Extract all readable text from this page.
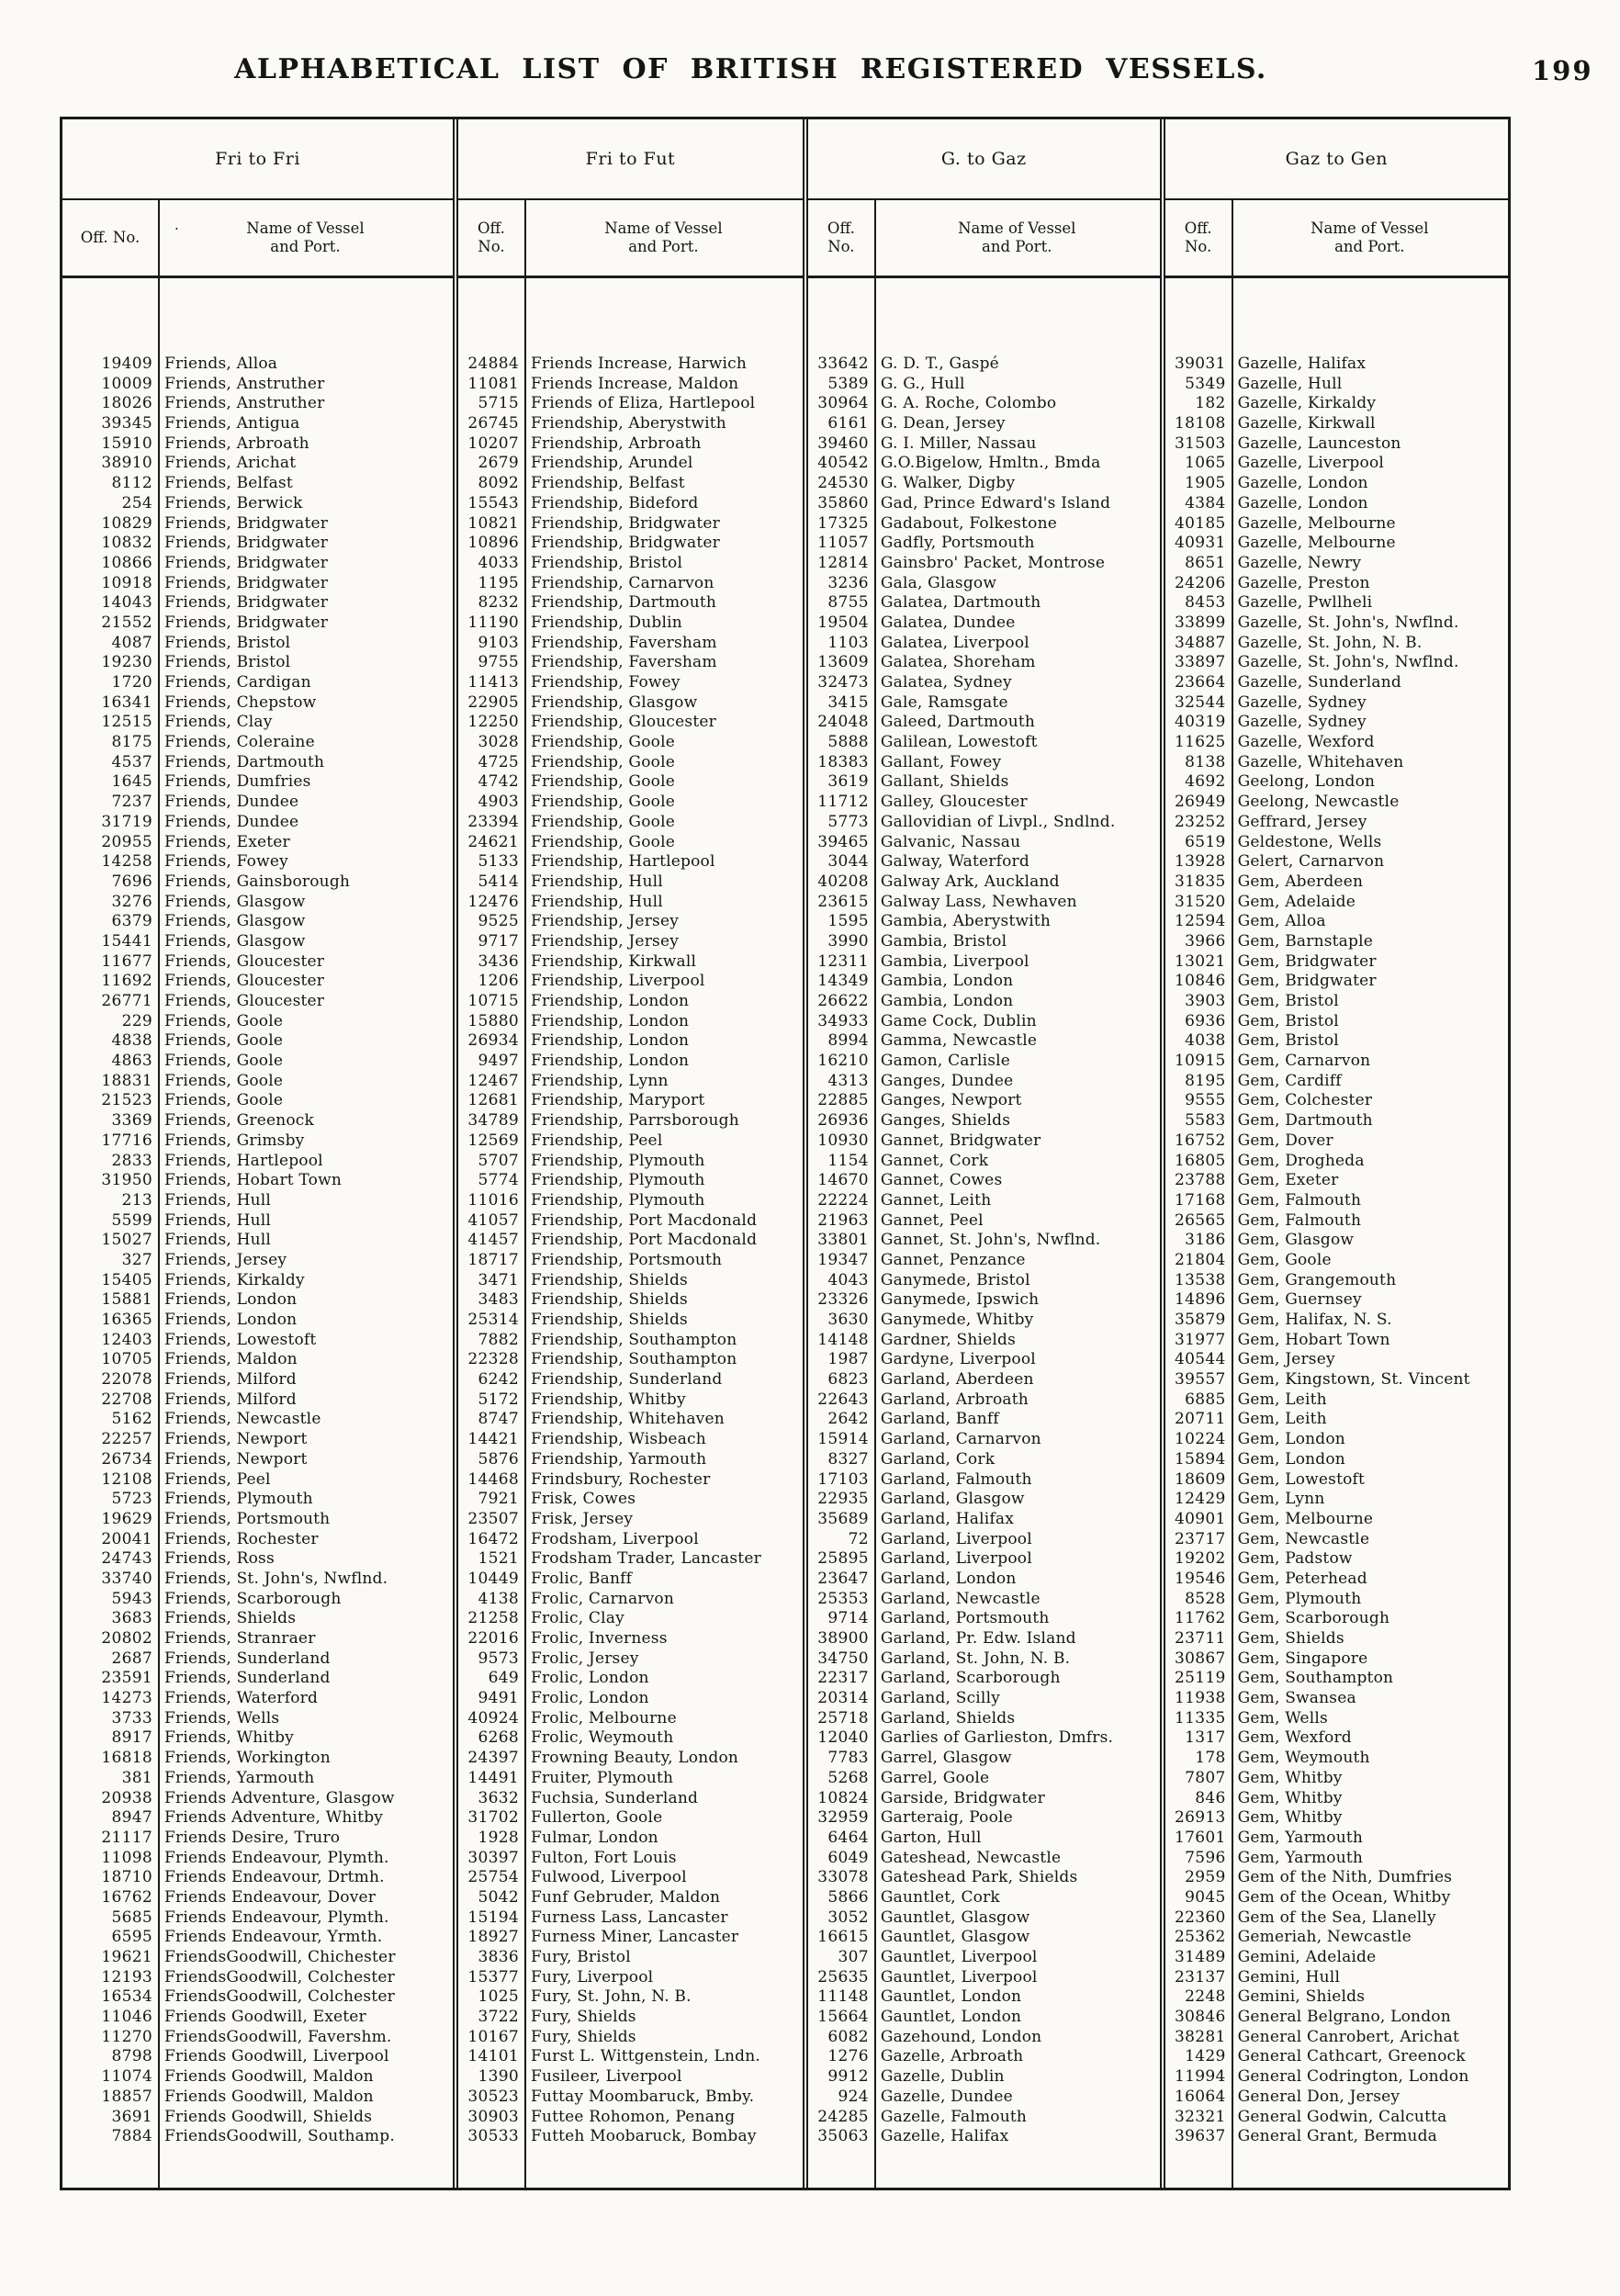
ALPHABETICAL LIST OF BRITISH REGISTERED VESSELS.	199
Fri to Fri
Off. No.	·	Name of Vessel and Port.
19409 Friends, Alloa
10009 Friends, Anstruther
18026 Friends, Anstruther
39345 Friends, Antigua
15910 Friends, Arbroath
38910 Friends, Arichat
8112 Friends, Belfast
254 Friends, Berwick
10829 Friends, Bridgwater
10832 Friends, Bridgwater
10866 Friends, Bridgwater
10918 Friends, Bridgwater
14043 Friends, Bridgwater
21552 Friends, Bridgwater
4087 Friends, Bristol
19230 Friends, Bristol
1720 Friends, Cardigan
16341 Friends, Chepstow
12515 Friends, Clay
8175 Friends, Coleraine
4537 Friends, Dartmouth
1645 Friends, Dumfries
7237 Friends, Dundee
31719 Friends, Dundee
20955 Friends, Exeter
14258 Friends, Fowey
7696 Friends, Gainsborough
3276 Friends, Glasgow
6379 Friends, Glasgow
15441 Friends, Glasgow
11677 Friends, Gloucester
11692 Friends, Gloucester
26771 Friends, Gloucester
229 Friends, Goole
4838 Friends, Goole
4863 Friends, Goole
18831 Friends, Goole
21523 Friends, Goole
3369 Friends, Greenock
17716 Friends, Grimsby
2833 Friends, Hartlepool
31950 Friends, Hobart Town
213 Friends, Hull
5599 Friends, Hull
15027 Friends, Hull
327 Friends, Jersey
15405 Friends, Kirkaldy
15881 Friends, London
16365 Friends, London
12403 Friends, Lowestoft
10705 Friends, Maldon
22078 Friends, Milford
22708 Friends, Milford
5162 Friends, Newcastle
22257 Friends, Newport
26734 Friends, Newport
12108 Friends, Peel
5723 Friends, Plymouth
19629 Friends, Portsmouth
20041 Friends, Rochester
24743 Friends, Ross
33740 Friends, St. John's, Nwflnd.
5943 Friends, Scarborough
3683 Friends, Shields
20802 Friends, Stranraer
2687 Friends, Sunderland
23591 Friends, Sunderland
14273 Friends, Waterford
3733 Friends, Wells
8917 Friends, Whitby
16818 Friends, Workington
381 Friends, Yarmouth
20938 Friends Adventure, Glasgow
8947 Friends Adventure, Whitby
21117 Friends Desire, Truro
11098 Friends Endeavour, Plymth.
18710 Friends Endeavour, Drtmh.
16762 Friends Endeavour, Dover
5685 Friends Endeavour, Plymth.
6595 Friends Endeavour, Yrmth.
19621 FriendsGoodwill, Chichester
12193 FriendsGoodwill, Colchester
16534 FriendsGoodwill, Colchester
11046 Friends Goodwill, Exeter
11270 FriendsGoodwill, Favershm.
8798 Friends Goodwill, Liverpool
11074 Friends Goodwill, Maldon
18857 Friends Goodwill, Maldon
3691 Friends Goodwill, Shields
7884 FriendsGoodwill, Southamp.
Fri to Fut
Off. No.
Name of Vessel and Port.
24884 Friends Increase, Harwich
11081 Friends Increase, Maldon
5715 Friends of Eliza, Hartlepool
26745 Friendship, Aberystwith
10207 Friendship, Arbroath
2679 Friendship, Arundel
8092 Friendship, Belfast
15543 Friendship, Bideford
10821 Friendship, Bridgwater
10896 Friendship, Bridgwater
4033 Friendship, Bristol
1195 Friendship, Carnarvon
8232 Friendship, Dartmouth
11190 Friendship, Dublin
9103 Friendship, Faversham
9755 Friendship, Faversham
11413 Friendship, Fowey
22905 Friendship, Glasgow
12250 Friendship, Gloucester
3028 Friendship, Goole
4725 Friendship, Goole
4742 Friendship, Goole
4903 Friendship, Goole
23394 Friendship, Goole
24621 Friendship, Goole
5133 Friendship, Hartlepool
5414 Friendship, Hull
12476 Friendship, Hull
9525 Friendship, Jersey
9717 Friendship, Jersey
3436 Friendship, Kirkwall
1206 Friendship, Liverpool
10715 Friendship, London
15880 Friendship, London
26934 Friendship, London
9497 Friendship, London
12467 Friendship, Lynn
12681 Friendship, Maryport
34789 Friendship, Parrsborough
12569 Friendship, Peel
5707 Friendship, Plymouth
5774 Friendship, Plymouth
11016 Friendship, Plymouth
41057 Friendship, Port Macdonald
41457 Friendship, Port Macdonald
18717 Friendship, Portsmouth
3471 Friendship, Shields
3483 Friendship, Shields
25314 Friendship, Shields
7882 Friendship, Southampton
22328 Friendship, Southampton
6242 Friendship, Sunderland
5172 Friendship, Whitby
8747 Friendship, Whitehaven
14421 Friendship, Wisbeach
5876 Friendship, Yarmouth
14468 Frindsbury, Rochester
7921 Frisk, Cowes
23507 Frisk, Jersey
16472 Frodsham, Liverpool
1521 Frodsham Trader, Lancaster
10449 Frolic, Banff
4138 Frolic, Carnarvon
21258 Frolic, Clay
22016 Frolic, Inverness
9573 Frolic, Jersey
649 Frolic, London
9491 Frolic, London
40924 Frolic, Melbourne
6268 Frolic, Weymouth
24397 Frowning Beauty, London
14491 Fruiter, Plymouth
3632 Fuchsia, Sunderland
31702 Fullerton, Goole
1928 Fulmar, London
30397 Fulton, Fort Louis
25754 Fulwood, Liverpool
5042 Funf Gebruder, Maldon
15194 Furness Lass, Lancaster
18927 Furness Miner, Lancaster
3836 Fury, Bristol
15377 Fury, Liverpool
1025 Fury, St. John, N. B.
3722 Fury, Shields
10167 Fury, Shields
14101 Furst L. Wittgenstein, Lndn.
1390 Fusileer, Liverpool
30523 Futtay Moombaruck, Bmby.
30903 Futtee Rohomon, Penang
30533 Futteh Moobaruck, Bombay
G. to Gaz
Off. No.
Name of Vessel and Port.
33642 G. D. T., Gaspé
5389 G. G., Hull
30964 G. A. Roche, Colombo
6161 G. Dean, Jersey
39460 G. I. Miller, Nassau
40542 G.O.Bigelow, Hmltn., Bmda
24530 G. Walker, Digby
35860 Gad, Prince Edward's Island
17325 Gadabout, Folkestone
11057 Gadfly, Portsmouth
12814 Gainsbro' Packet, Montrose
3236 Gala, Glasgow
8755 Galatea, Dartmouth
19504 Galatea, Dundee
1103 Galatea, Liverpool
13609 Galatea, Shoreham
32473 Galatea, Sydney
3415 Gale, Ramsgate
24048 Galeed, Dartmouth
5888 Galilean, Lowestoft
18383 Gallant, Fowey
3619 Gallant, Shields
11712 Galley, Gloucester
5773 Gallovidian of Livpl., Sndlnd.
39465 Galvanic, Nassau
3044 Galway, Waterford
40208 Galway Ark, Auckland
23615 Galway Lass, Newhaven
1595 Gambia, Aberystwith
3990 Gambia, Bristol
12311 Gambia, Liverpool
14349 Gambia, London
26622 Gambia, London
34933 Game Cock, Dublin
8994 Gamma, Newcastle
16210 Gamon, Carlisle
4313 Ganges, Dundee
22885 Ganges, Newport
26936 Ganges, Shields
10930 Gannet, Bridgwater
1154 Gannet, Cork
14670 Gannet, Cowes
22224 Gannet, Leith
21963 Gannet, Peel
33801 Gannet, St. John's, Nwflnd.
19347 Gannet, Penzance
4043 Ganymede, Bristol
23326 Ganymede, Ipswich
3630 Ganymede, Whitby
14148 Gardner, Shields
1987 Gardyne, Liverpool
6823 Garland, Aberdeen
22643 Garland, Arbroath
2642 Garland, Banff
15914 Garland, Carnarvon
8327 Garland, Cork
17103 Garland, Falmouth
22935 Garland, Glasgow
35689 Garland, Halifax
72 Garland, Liverpool
25895 Garland, Liverpool
23647 Garland, London
25353 Garland, Newcastle
9714 Garland, Portsmouth
38900 Garland, Pr. Edw. Island
34750 Garland, St. John, N. B.
22317 Garland, Scarborough
20314 Garland, Scilly
25718 Garland, Shields
12040 Garlies of Garlieston, Dmfrs.
7783 Garrel, Glasgow
5268 Garrel, Goole
10824 Garside, Bridgwater
32959 Garteraig, Poole
6464 Garton, Hull
6049 Gateshead, Newcastle
33078 Gateshead Park, Shields
5866 Gauntlet, Cork
3052 Gauntlet, Glasgow
16615 Gauntlet, Glasgow
307 Gauntlet, Liverpool
25635 Gauntlet, Liverpool
11148 Gauntlet, London
15664 Gauntlet, London
6082 Gazehound, London
1276 Gazelle, Arbroath
9912 Gazelle, Dublin
924 Gazelle, Dundee
24285 Gazelle, Falmouth
35063 Gazelle, Halifax
Gaz to Gen
Off. No.
Name of Vessel and Port.
39031 Gazelle, Halifax
5349 Gazelle, Hull
182 Gazelle, Kirkaldy
18108 Gazelle, Kirkwall
31503 Gazelle, Launceston
1065 Gazelle, Liverpool
1905 Gazelle, London
4384 Gazelle, London
40185 Gazelle, Melbourne
40931 Gazelle, Melbourne
8651 Gazelle, Newry
24206 Gazelle, Preston
8453 Gazelle, Pwllheli
33899 Gazelle, St. John's, Nwflnd.
34887 Gazelle, St. John, N. B.
33897 Gazelle, St. John's, Nwflnd.
23664 Gazelle, Sunderland
32544 Gazelle, Sydney
40319 Gazelle, Sydney
11625 Gazelle, Wexford
8138 Gazelle, Whitehaven
4692 Geelong, London
26949 Geelong, Newcastle
23252 Geffrard, Jersey
6519 Geldestone, Wells
13928 Gelert, Carnarvon
31835 Gem, Aberdeen
31520 Gem, Adelaide
12594 Gem, Alloa
3966 Gem, Barnstaple
13021 Gem, Bridgwater
10846 Gem, Bridgwater
3903 Gem, Bristol
6936 Gem, Bristol
4038 Gem, Bristol
10915 Gem, Carnarvon
8195 Gem, Cardiff
9555 Gem, Colchester
5583 Gem, Dartmouth
16752 Gem, Dover
16805 Gem, Drogheda
23788 Gem, Exeter
17168 Gem, Falmouth
26565 Gem, Falmouth
3186 Gem, Glasgow
21804 Gem, Goole
13538 Gem, Grangemouth
14896 Gem, Guernsey
35879 Gem, Halifax, N. S.
31977 Gem, Hobart Town
40544 Gem, Jersey
39557 Gem, Kingstown, St. Vincent
6885 Gem, Leith
20711 Gem, Leith
10224 Gem, London
15894 Gem, London
18609 Gem, Lowestoft
12429 Gem, Lynn
40901 Gem, Melbourne
23717 Gem, Newcastle
19202 Gem, Padstow
19546 Gem, Peterhead
8528 Gem, Plymouth
11762 Gem, Scarborough
23711 Gem, Shields
30867 Gem, Singapore
25119 Gem, Southampton
11938 Gem, Swansea
11335 Gem, Wells
1317 Gem, Wexford
178 Gem, Weymouth
7807 Gem, Whitby
846 Gem, Whitby
26913 Gem, Whitby
17601 Gem, Yarmouth
7596 Gem, Yarmouth
2959 Gem of the Nith, Dumfries
9045 Gem of the Ocean, Whitby
22360 Gem of the Sea, Llanelly
25362 Gemeriah, Newcastle
31489 Gemini, Adelaide
23137 Gemini, Hull
2248 Gemini, Shields
30846 General Belgrano, London
38281 General Canrobert, Arichat
1429 General Cathcart, Greenock
11994 General Codrington, London
16064 General Don, Jersey
32321 General Godwin, Calcutta
39637 General Grant, Bermuda
